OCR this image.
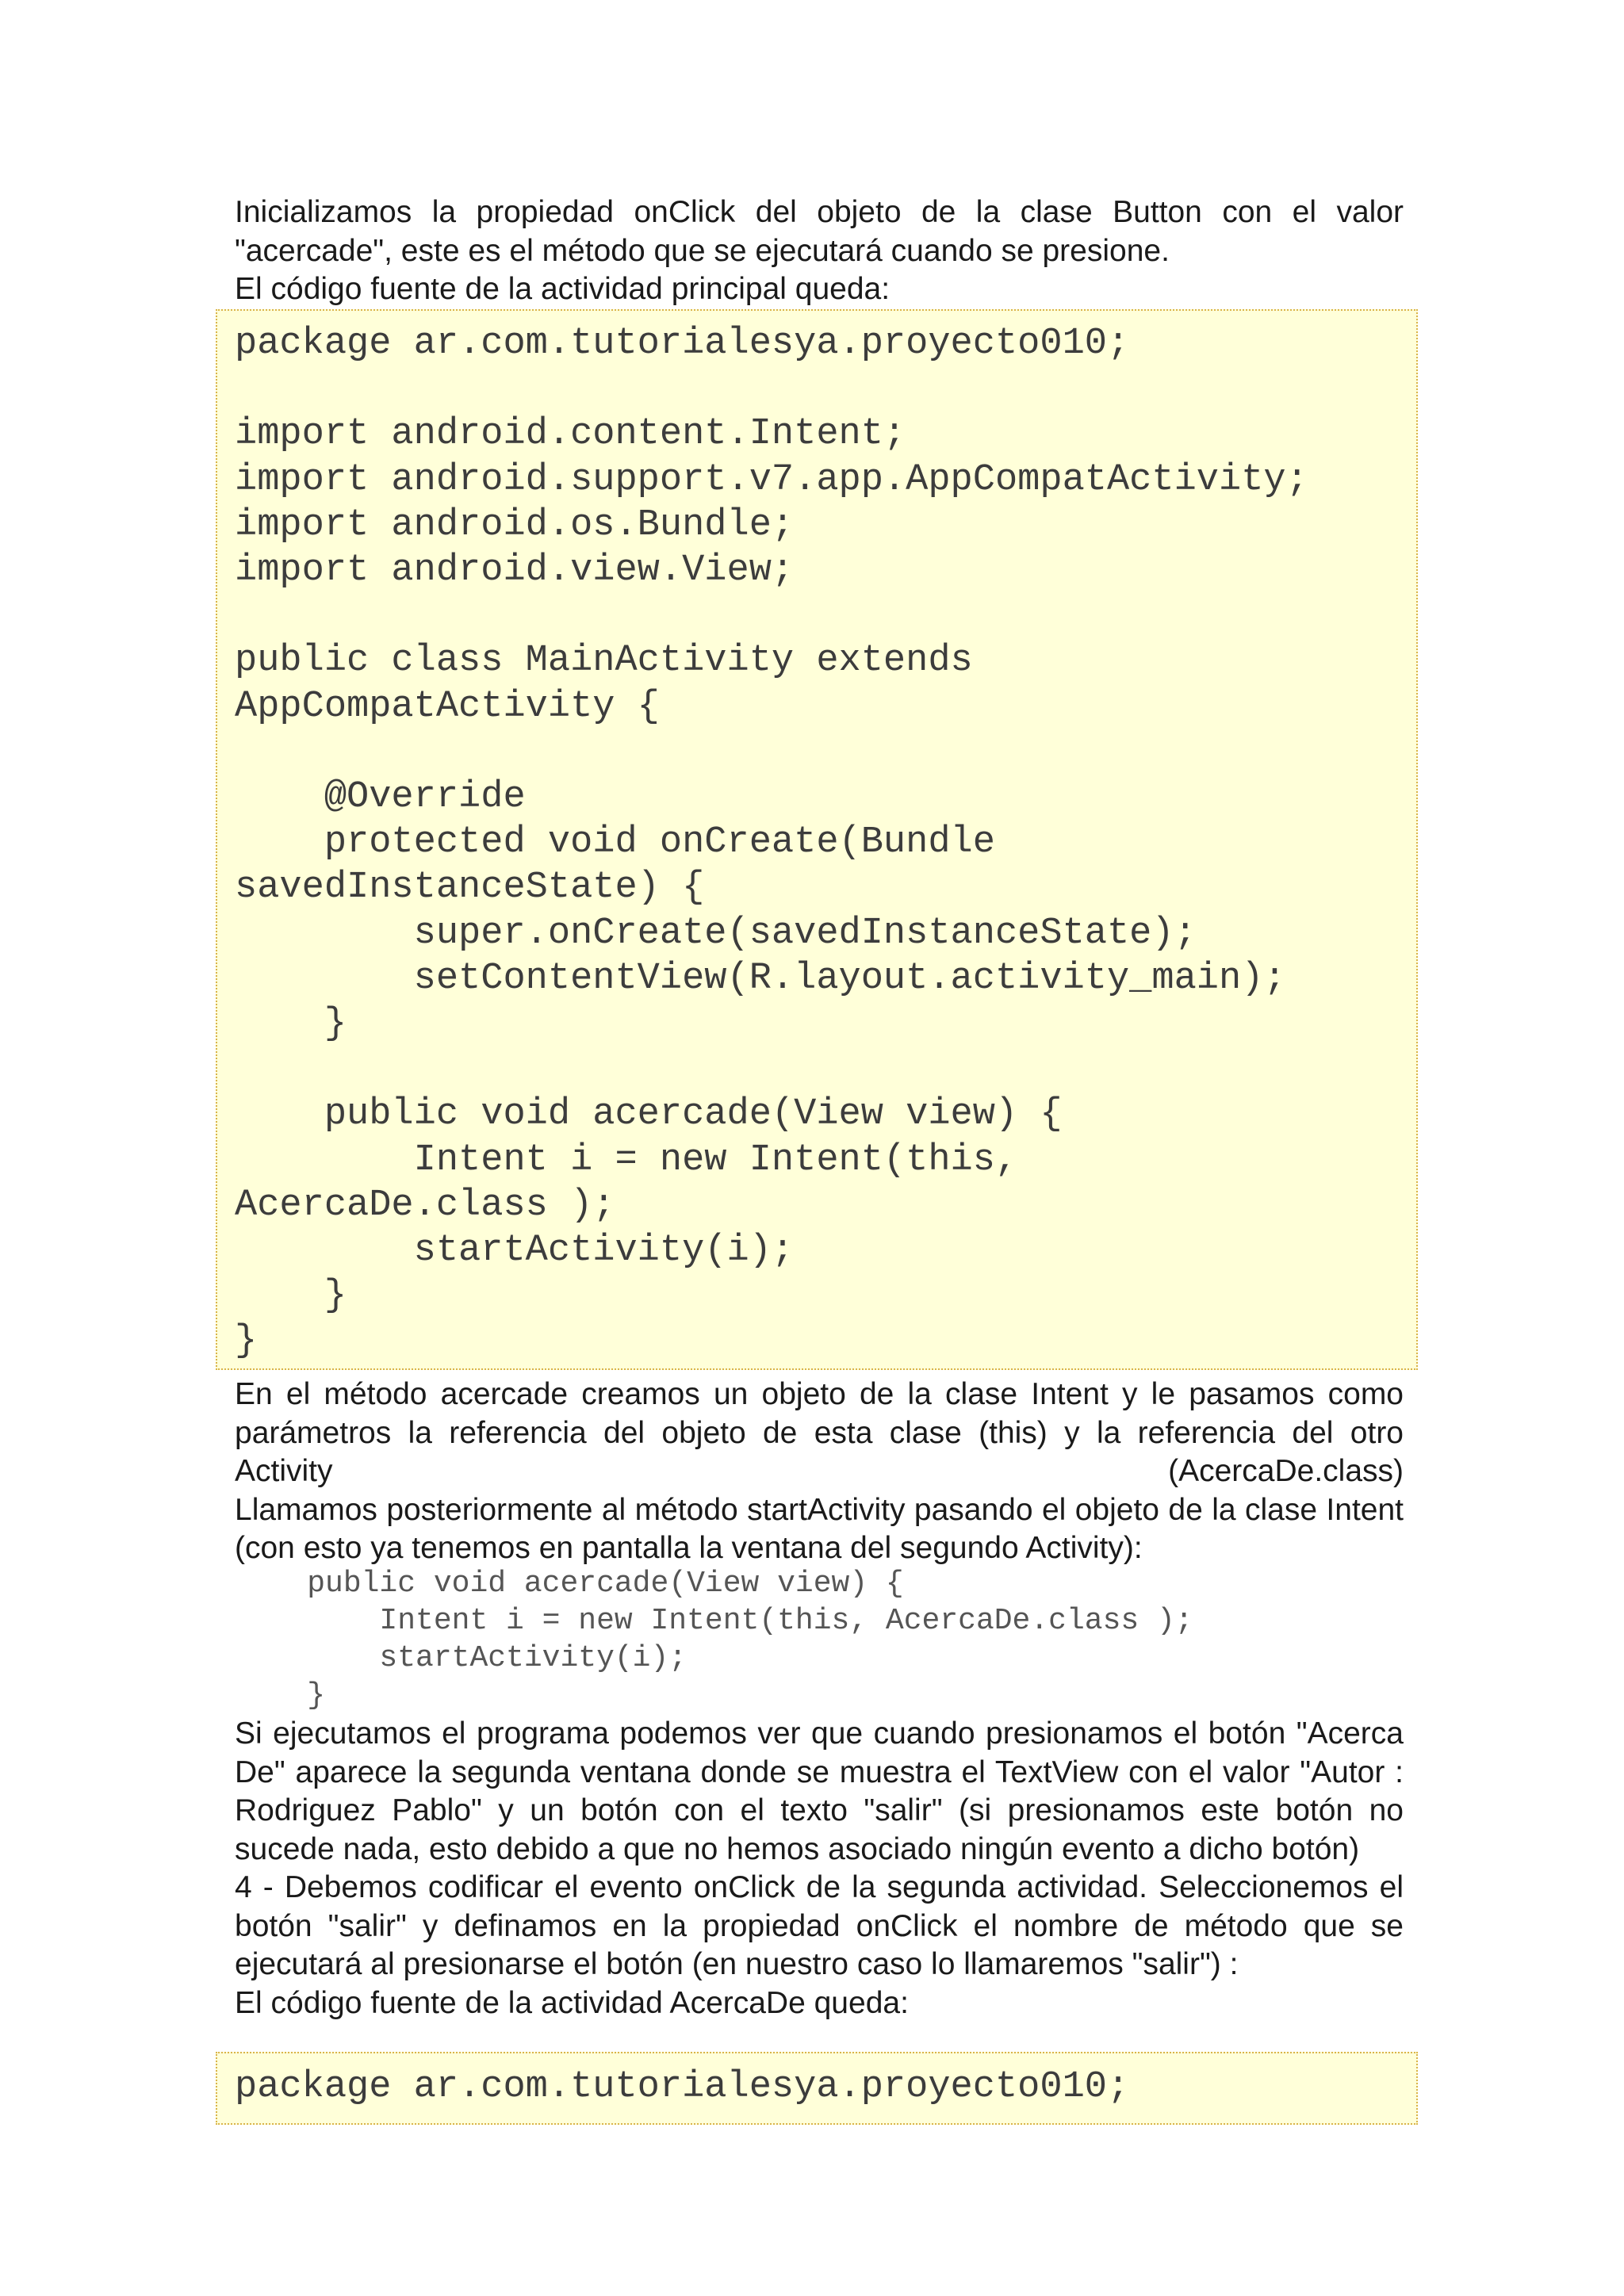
Inicializamos la propiedad onClick del objeto de la clase Button con el valor "acercade", este es el método que se ejecutará cuando se presione.

El código fuente de la actividad principal queda:

package ar.com.tutorialesya.proyecto010;

import android.content.Intent;
import android.support.v7.app.AppCompatActivity;
import android.os.Bundle;
import android.view.View;

public class MainActivity extends
AppCompatActivity {

@Override
protected void onCreate(Bundle
savedInstanceState) {
super.onCreate(savedInstanceState);
setContentView(R.layout.activity_main);
}

public void acercade(View view) {
Intent i = new Intent(this,
AcercaDe.class );
startActivity(i);
}
}

En el método acercade creamos un objeto de la clase Intent y le pasamos como

parámetros la referencia del objeto de esta clase (this) y la referencia del otro

Activity (AcercaDe.class)

Llamamos posteriormente al método startActivity pasando el objeto de la clase Intent (con esto ya tenemos en pantalla la ventana del segundo Activity):

public void acercade(View view) {
Intent i = new Intent(this, AcercaDe.class );
startActivity(i);
}

Si ejecutamos el programa podemos ver que cuando presionamos el botón "Acerca De" aparece la segunda ventana donde se muestra el TextView con el valor "Autor : Rodriguez Pablo" y un botón con el texto "salir" (si presionamos este botón no sucede nada, esto debido a que no hemos asociado ningún evento a dicho botón)

4 - Debemos codificar el evento onClick de la segunda actividad. Seleccionemos el botón "salir" y definamos en la propiedad onClick el nombre de método que se ejecutará al presionarse el botón (en nuestro caso lo llamaremos "salir") :

El código fuente de la actividad AcercaDe queda:

package ar.com.tutorialesya.proyecto010;
